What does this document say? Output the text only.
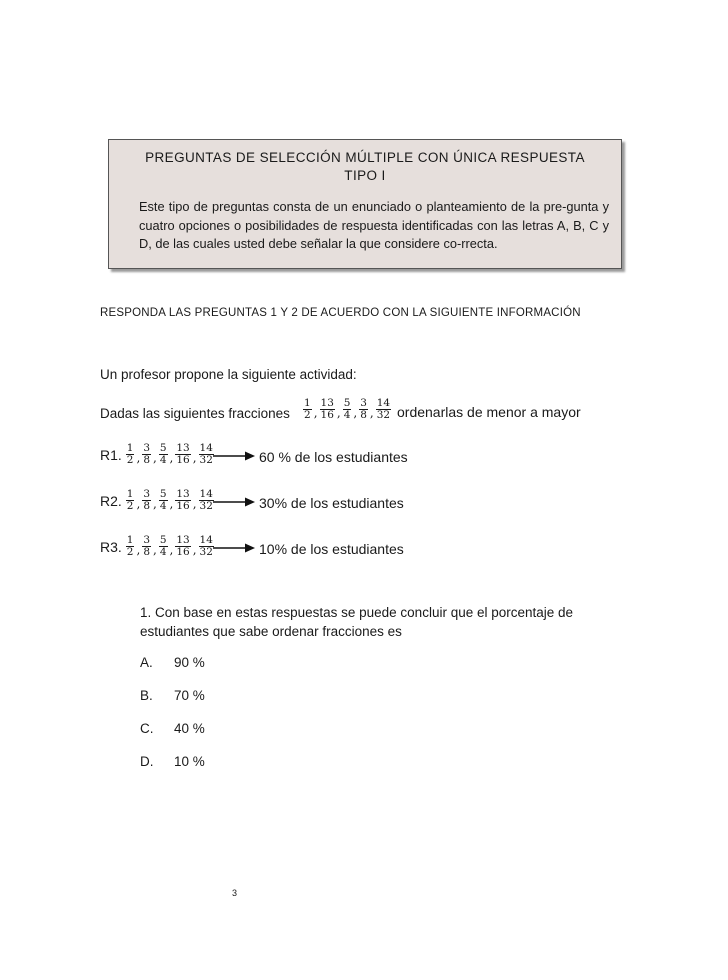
PREGUNTAS DE SELECCIÓN MÚLTIPLE CON ÚNICA RESPUESTA
TIPO I
Este tipo de preguntas consta de un enunciado o planteamiento de la pre-gunta y cuatro opciones o posibilidades de respuesta identificadas con las letras A, B, C y D, de las cuales usted debe señalar la que considere co-rrecta.
RESPONDA LAS PREGUNTAS 1 Y 2 DE ACUERDO CON LA SIGUIENTE INFORMACIÓN
Un profesor propone la siguiente actividad:
Dadas las siguientes fracciones $\frac{1}{2}$ , $\frac{13}{16}$ , $\frac{5}{4}$ , $\frac{3}{8}$ , $\frac{14}{32}$ ordenarlas de menor a mayor
R1. $\frac{1}{2}$ , $\frac{3}{8}$ , $\frac{5}{4}$ , $\frac{13}{16}$ , $\frac{14}{32}$
R2. $\frac{1}{2}$ , $\frac{3}{8}$ , $\frac{5}{4}$ , $\frac{13}{16}$ , $\frac{14}{32}$
R3. $\frac{1}{2}$ , $\frac{3}{8}$ , $\frac{5}{4}$ , $\frac{13}{16}$ , $\frac{14}{32}$
60 % de los estudiantes
30% de los estudiantes
10% de los estudiantes
1. Con base en estas respuestas se puede concluir que el porcentaje de estudiantes que sabe ordenar fracciones es
A. 90 %
B. 70 %
C. 40 %
D. 10 %
3
